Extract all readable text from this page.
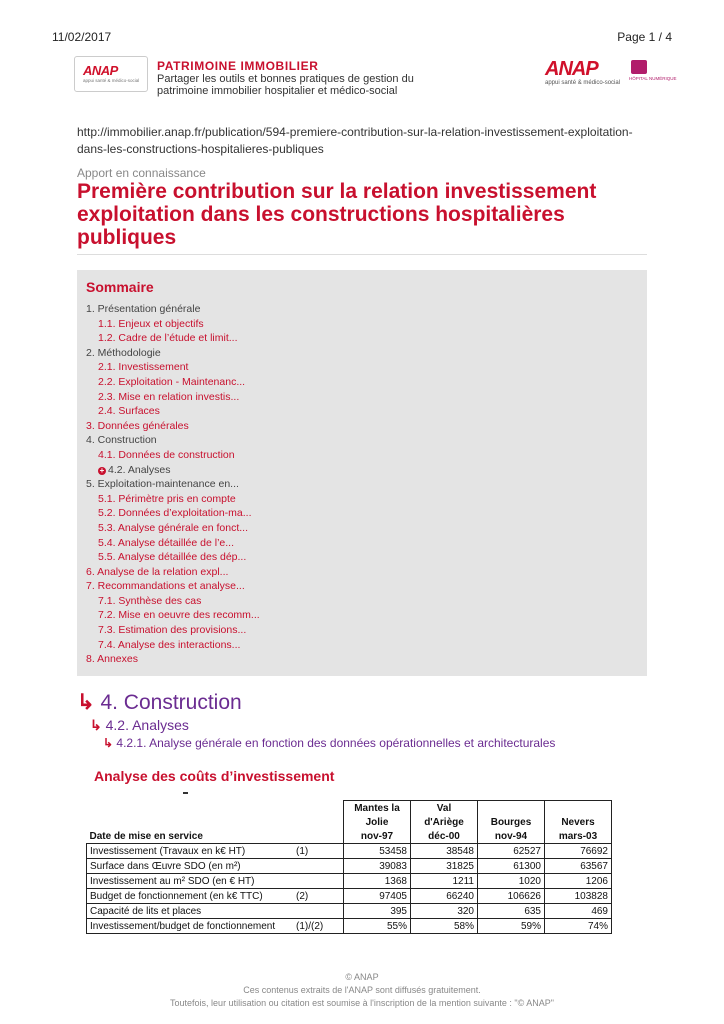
11/02/2017	Page 1 / 4
ANAP
appui santé & médico-social
PATRIMOINE IMMOBILIER
Partager les outils et bonnes pratiques de gestion du patrimoine immobilier hospitalier et médico-social
ANAP
appui santé & médico-social
HÔPITAL NUMÉRIQUE
http://immobilier.anap.fr/publication/594-premiere-contribution-sur-la-relation-investissement-exploitation-dans-les-constructions-hospitalieres-publiques
Apport en connaissance
Première contribution sur la relation investissement exploitation dans les constructions hospitalières publiques
Sommaire
1. Présentation générale
1.1. Enjeux et objectifs
1.2. Cadre de l’étude et limit...
2. Méthodologie
2.1. Investissement
2.2. Exploitation - Maintenanc...
2.3. Mise en relation investis...
2.4. Surfaces
3. Données générales
4. Construction
4.1. Données de construction
+ 4.2. Analyses
5. Exploitation-maintenance en...
5.1. Périmètre pris en compte
5.2. Données d’exploitation-ma...
5.3. Analyse générale en fonct...
5.4. Analyse détaillée de l’e...
5.5. Analyse détaillée des dép...
6. Analyse de la relation expl...
7. Recommandations et analyse...
7.1. Synthèse des cas
7.2. Mise en oeuvre des recomm...
7.3. Estimation des provisions...
7.4. Analyse des interactions...
8. Annexes
↳ 4. Construction
↳ 4.2. Analyses
↳ 4.2.1. Analyse générale en fonction des données opérationnelles et architecturales
Analyse des coûts d’investissement
		Mantes la	Val		
		Jolie	d'Ariège	Bourges	Nevers
Date de mise en service		nov-97	déc-00	nov-94	mars-03
Investissement (Travaux en k€ HT)	(1)	53458	38548	62527	76692
Surface dans Œuvre SDO (en m²)		39083	31825	61300	63567
Investissement au m² SDO (en € HT)		1368	1211	1020	1206
Budget de fonctionnement (en k€ TTC)	(2)	97405	66240	106626	103828
Capacité de lits et places		395	320	635	469
Investissement/budget de fonctionnement	(1)/(2)	55%	58%	59%	74%
© ANAP
Ces contenus extraits de l'ANAP sont diffusés gratuitement.
Toutefois, leur utilisation ou citation est soumise à l'inscription de la mention suivante : "© ANAP"
